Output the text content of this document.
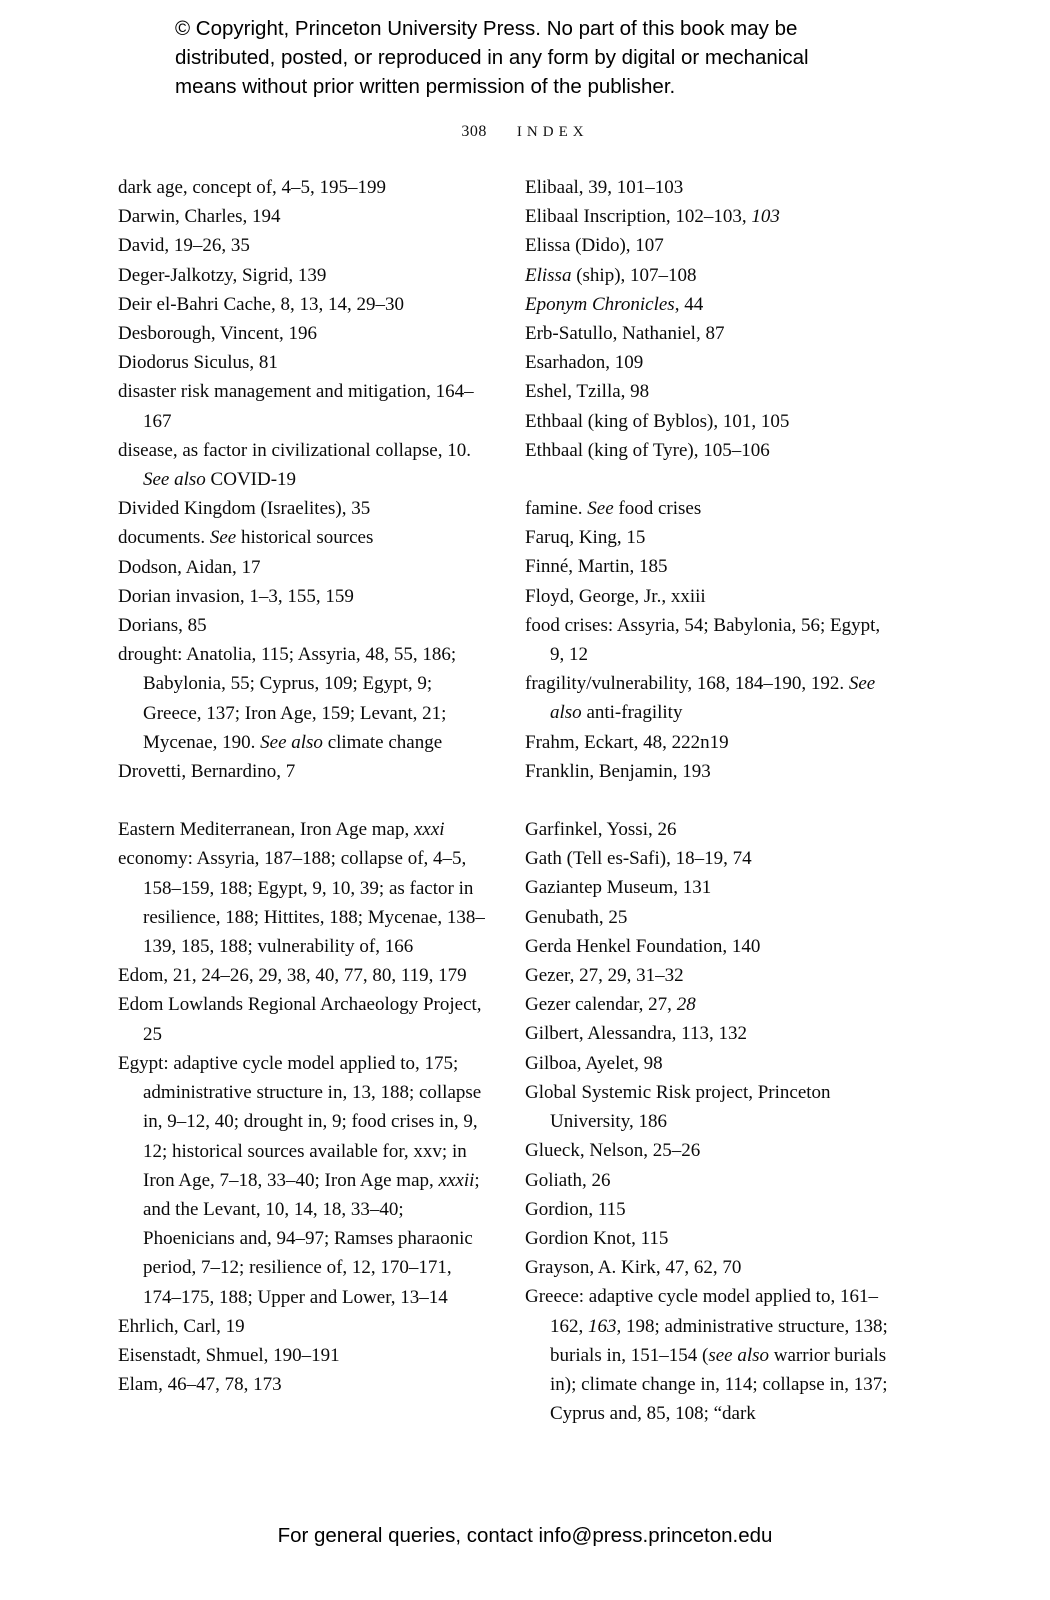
© Copyright, Princeton University Press. No part of this book may be distributed, posted, or reproduced in any form by digital or mechanical means without prior written permission of the publisher.

308 INDEX

dark age, concept of, 4–5, 195–199

Darwin, Charles, 194

David, 19–26, 35

Deger-Jalkotzy, Sigrid, 139

Deir el-Bahri Cache, 8, 13, 14, 29–30

Desborough, Vincent, 196

Diodorus Siculus, 81

disaster risk management and mitigation, 164–167

disease, as factor in civilizational collapse, 10. See also COVID-19

Divided Kingdom (Israelites), 35

documents. See historical sources

Dodson, Aidan, 17

Dorian invasion, 1–3, 155, 159

Dorians, 85

drought: Anatolia, 115; Assyria, 48, 55, 186; Babylonia, 55; Cyprus, 109; Egypt, 9; Greece, 137; Iron Age, 159; Levant, 21; Mycenae, 190. See also climate change

Drovetti, Bernardino, 7

Eastern Mediterranean, Iron Age map, xxxi

economy: Assyria, 187–188; collapse of, 4–5, 158–159, 188; Egypt, 9, 10, 39; as factor in resilience, 188; Hittites, 188; Mycenae, 138–139, 185, 188; vulnerability of, 166

Edom, 21, 24–26, 29, 38, 40, 77, 80, 119, 179

Edom Lowlands Regional Archaeology Project, 25

Egypt: adaptive cycle model applied to, 175; administrative structure in, 13, 188; collapse in, 9–12, 40; drought in, 9; food crises in, 9, 12; historical sources available for, xxv; in Iron Age, 7–18, 33–40; Iron Age map, xxxii; and the Levant, 10, 14, 18, 33–40; Phoenicians and, 94–97; Ramses pharaonic period, 7–12; resilience of, 12, 170–171, 174–175, 188; Upper and Lower, 13–14

Ehrlich, Carl, 19

Eisenstadt, Shmuel, 190–191

Elam, 46–47, 78, 173

Elibaal, 39, 101–103

Elibaal Inscription, 102–103, 103

Elissa (Dido), 107

Elissa (ship), 107–108

Eponym Chronicles, 44

Erb-Satullo, Nathaniel, 87

Esarhadon, 109

Eshel, Tzilla, 98

Ethbaal (king of Byblos), 101, 105

Ethbaal (king of Tyre), 105–106

famine. See food crises

Faruq, King, 15

Finné, Martin, 185

Floyd, George, Jr., xxiii

food crises: Assyria, 54; Babylonia, 56; Egypt, 9, 12

fragility/vulnerability, 168, 184–190, 192. See also anti-fragility

Frahm, Eckart, 48, 222n19

Franklin, Benjamin, 193

Garfinkel, Yossi, 26

Gath (Tell es-Safi), 18–19, 74

Gaziantep Museum, 131

Genubath, 25

Gerda Henkel Foundation, 140

Gezer, 27, 29, 31–32

Gezer calendar, 27, 28

Gilbert, Alessandra, 113, 132

Gilboa, Ayelet, 98

Global Systemic Risk project, Princeton University, 186

Glueck, Nelson, 25–26

Goliath, 26

Gordion, 115

Gordion Knot, 115

Grayson, A. Kirk, 47, 62, 70

Greece: adaptive cycle model applied to, 161–162, 163, 198; administrative structure, 138; burials in, 151–154 (see also warrior burials in); climate change in, 114; collapse in, 137; Cyprus and, 85, 108; “dark

For general queries, contact info@press.princeton.edu
